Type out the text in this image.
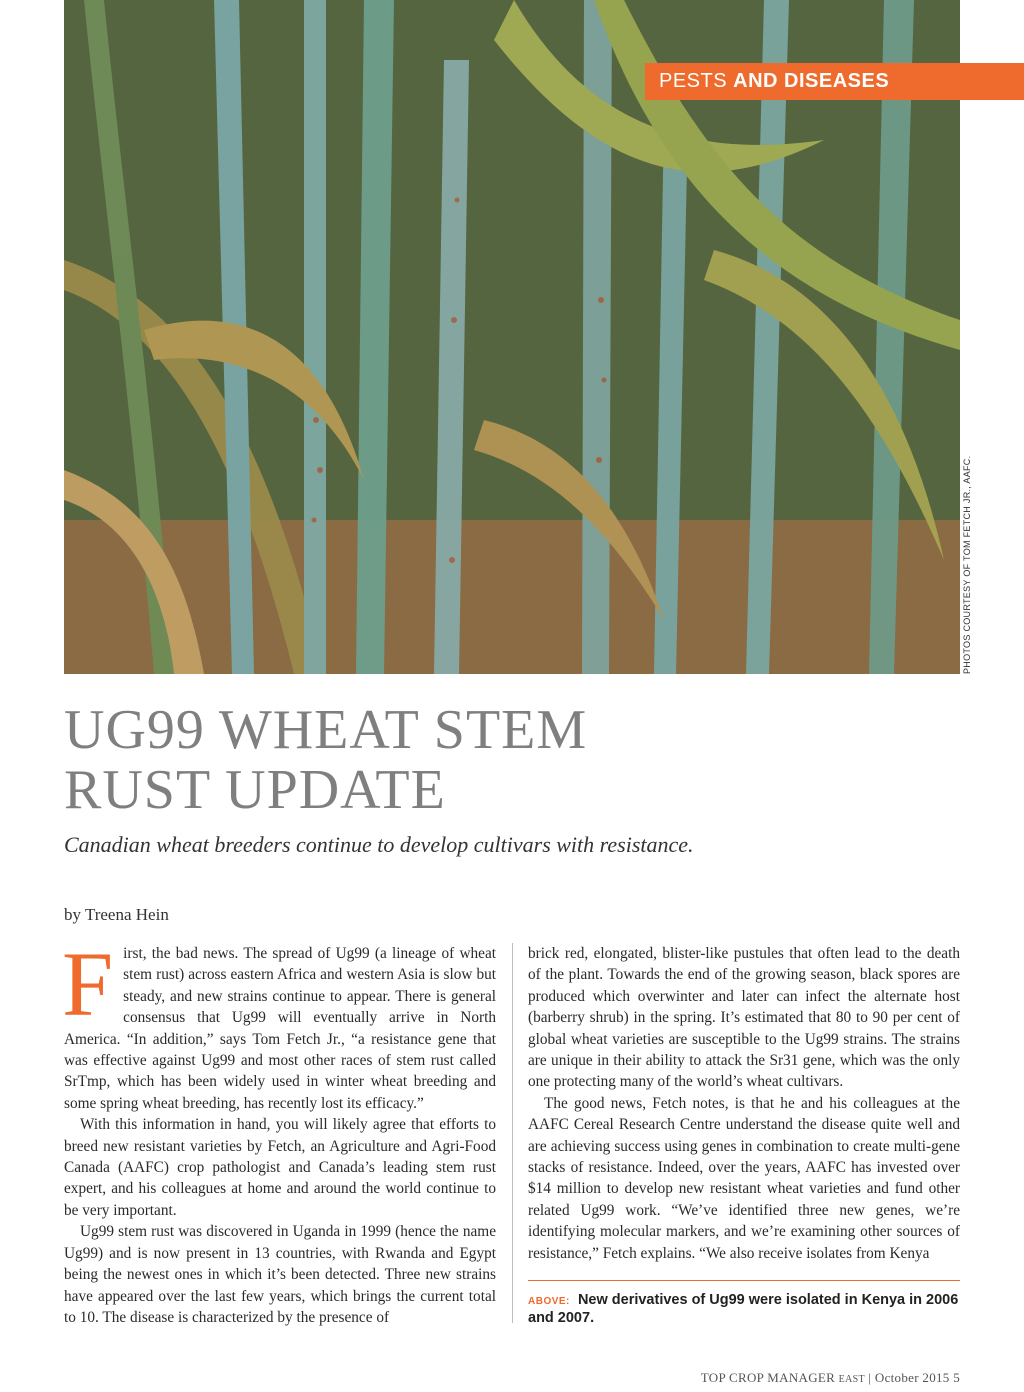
PESTS AND DISEASES
PHOTOS COURTESY OF TOM FETCH JR., AAFC.
UG99 WHEAT STEM
RUST UPDATE

Canadian wheat breeders continue to develop cultivars with resistance.

by Treena Hein

First, the bad news. The spread of Ug99 (a lineage of wheat stem rust) across eastern Africa and western Asia is slow but steady, and new strains continue to appear. There is general consensus that Ug99 will eventually arrive in North America. “In addition,” says Tom Fetch Jr., “a resistance gene that was effective against Ug99 and most other races of stem rust called SrTmp, which has been widely used in winter wheat breeding and some spring wheat breeding, has recently lost its efficacy.”

With this information in hand, you will likely agree that efforts to breed new resistant varieties by Fetch, an Agriculture and Agri-Food Canada (AAFC) crop pathologist and Canada’s leading stem rust expert, and his colleagues at home and around the world continue to be very important.

Ug99 stem rust was discovered in Uganda in 1999 (hence the name Ug99) and is now present in 13 countries, with Rwanda and Egypt being the newest ones in which it’s been detected. Three new strains have appeared over the last few years, which brings the current total to 10. The disease is characterized by the presence of

brick red, elongated, blister-like pustules that often lead to the death of the plant. Towards the end of the growing season, black spores are produced which overwinter and later can infect the alternate host (barberry shrub) in the spring. It’s estimated that 80 to 90 per cent of global wheat varieties are susceptible to the Ug99 strains. The strains are unique in their ability to attack the Sr31 gene, which was the only one protecting many of the world’s wheat cultivars.

The good news, Fetch notes, is that he and his colleagues at the AAFC Cereal Research Centre understand the disease quite well and are achieving success using genes in combination to create multi-gene stacks of resistance. Indeed, over the years, AAFC has invested over $14 million to develop new resistant wheat varieties and fund other related Ug99 work. “We’ve identified three new genes, we’re identifying molecular markers, and we’re examining other sources of resistance,” Fetch explains. “We also receive isolates from Kenya

ABOVE: New derivatives of Ug99 were isolated in Kenya in 2006 and 2007.

TOP CROP MANAGER EAST | October 2015 5
